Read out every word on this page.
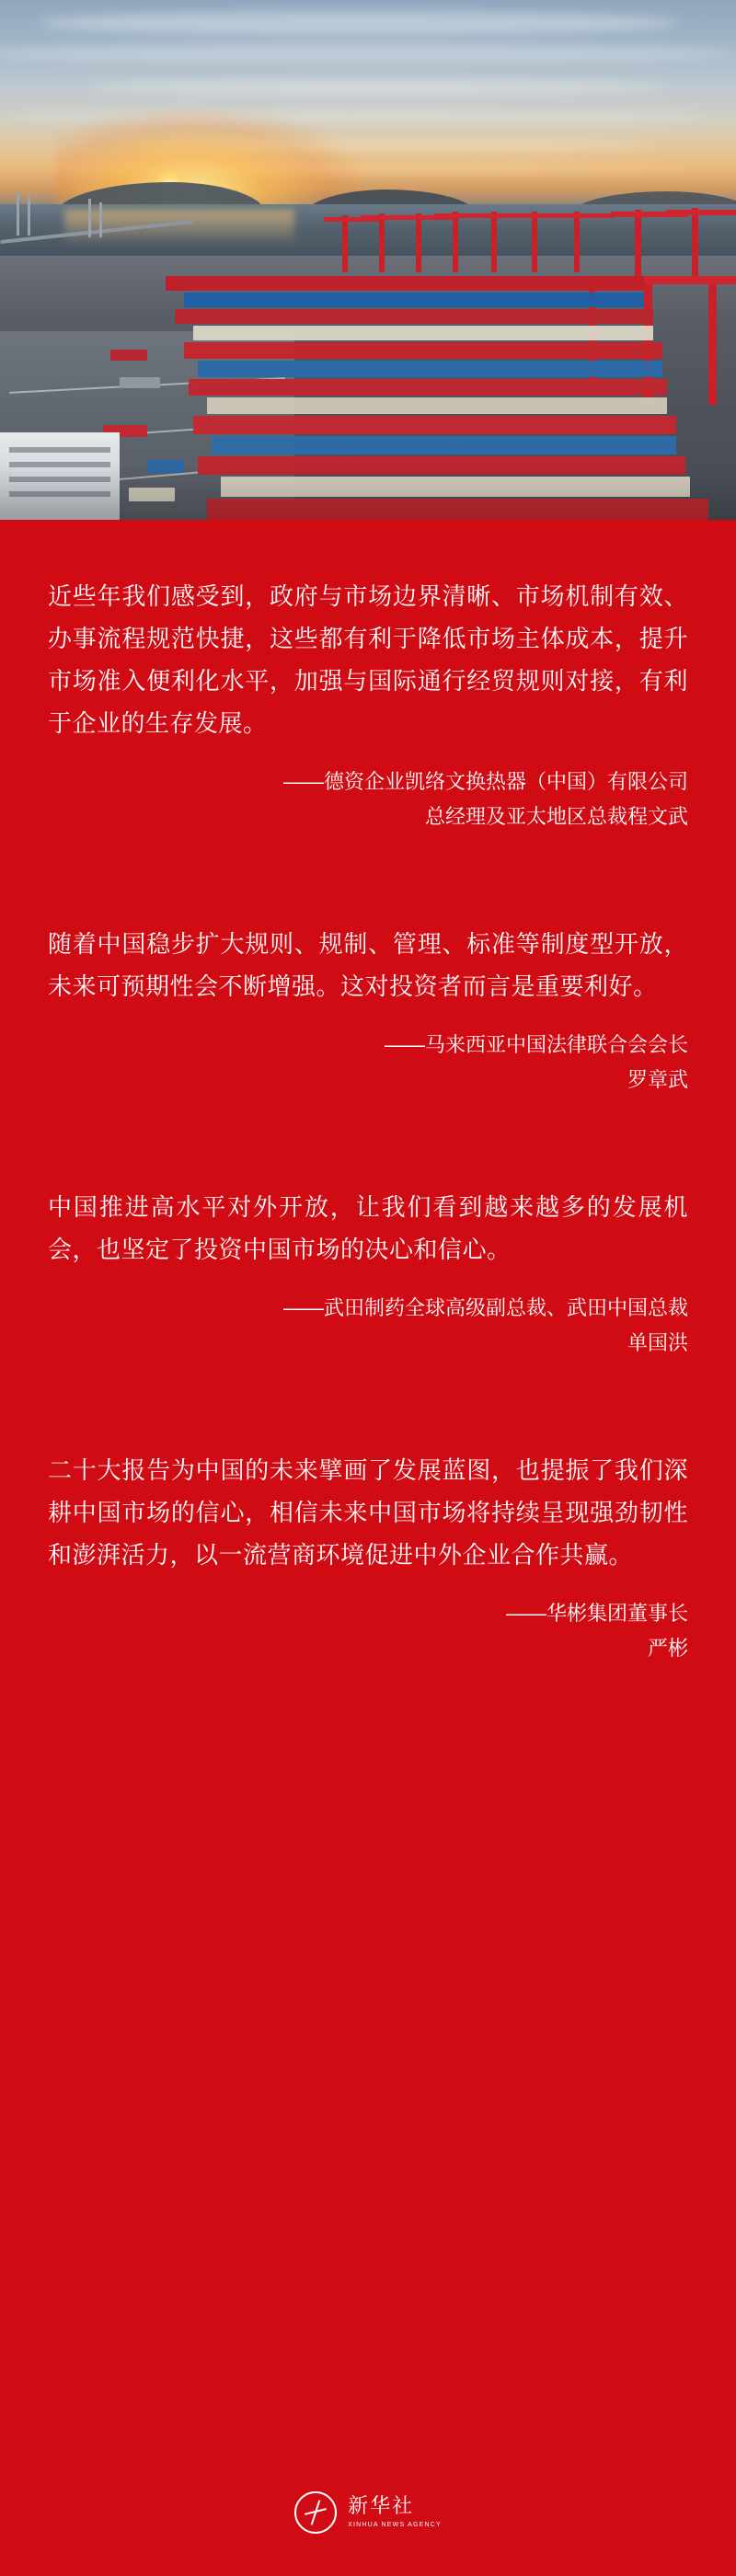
近些年我们感受到，政府与市场边界清晰、市场机制有效、办事流程规范快捷，这些都有利于降低市场主体成本，提升市场准入便利化水平，加强与国际通行经贸规则对接，有利于企业的生存发展。
——德资企业凯络文换热器（中国）有限公司
总经理及亚太地区总裁程文武
随着中国稳步扩大规则、规制、管理、标准等制度型开放，未来可预期性会不断增强。这对投资者而言是重要利好。
——马来西亚中国法律联合会会长
罗章武
中国推进高水平对外开放，让我们看到越来越多的发展机会，也坚定了投资中国市场的决心和信心。
——武田制药全球高级副总裁、武田中国总裁
单国洪
二十大报告为中国的未来擘画了发展蓝图，也提振了我们深耕中国市场的信心，相信未来中国市场将持续呈现强劲韧性和澎湃活力，以一流营商环境促进中外企业合作共赢。
——华彬集团董事长
严彬
新华社
XINHUA NEWS AGENCY
